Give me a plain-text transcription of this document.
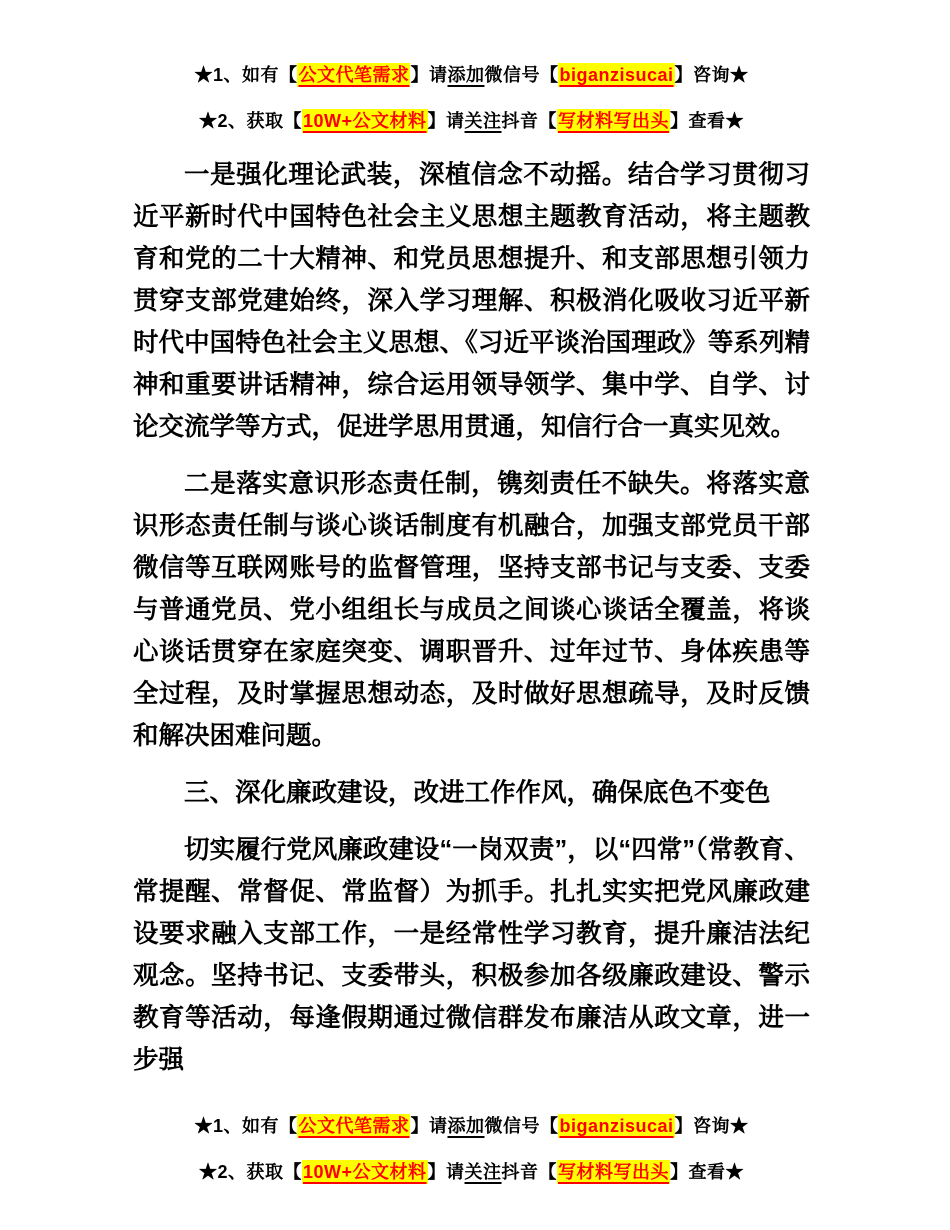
★1、如有【公文代笔需求】请添加微信号【biganzisucai】咨询★
★2、获取【10W+公文材料】请关注抖音【写材料写出头】查看★

一是强化理论武装，深植信念不动摇。结合学习贯彻习近平新时代中国特色社会主义思想主题教育活动，将主题教育和党的二十大精神、和党员思想提升、和支部思想引领力贯穿支部党建始终，深入学习理解、积极消化吸收习近平新时代中国特色社会主义思想、《习近平谈治国理政》等系列精神和重要讲话精神，综合运用领导领学、集中学、自学、讨论交流学等方式，促进学思用贯通，知信行合一真实见效。

二是落实意识形态责任制，镌刻责任不缺失。将落实意识形态责任制与谈心谈话制度有机融合，加强支部党员干部微信等互联网账号的监督管理，坚持支部书记与支委、支委与普通党员、党小组组长与成员之间谈心谈话全覆盖，将谈心谈话贯穿在家庭突变、调职晋升、过年过节、身体疾患等全过程，及时掌握思想动态，及时做好思想疏导，及时反馈和解决困难问题。

三、深化廉政建设，改进工作作风，确保底色不变色

切实履行党风廉政建设“一岗双责”，以“四常”（常教育、常提醒、常督促、常监督）为抓手。扎扎实实把党风廉政建设要求融入支部工作，一是经常性学习教育，提升廉洁法纪观念。坚持书记、支委带头，积极参加各级廉政建设、警示教育等活动，每逢假期通过微信群发布廉洁从政文章，进一步强

★1、如有【公文代笔需求】请添加微信号【biganzisucai】咨询★
★2、获取【10W+公文材料】请关注抖音【写材料写出头】查看★
